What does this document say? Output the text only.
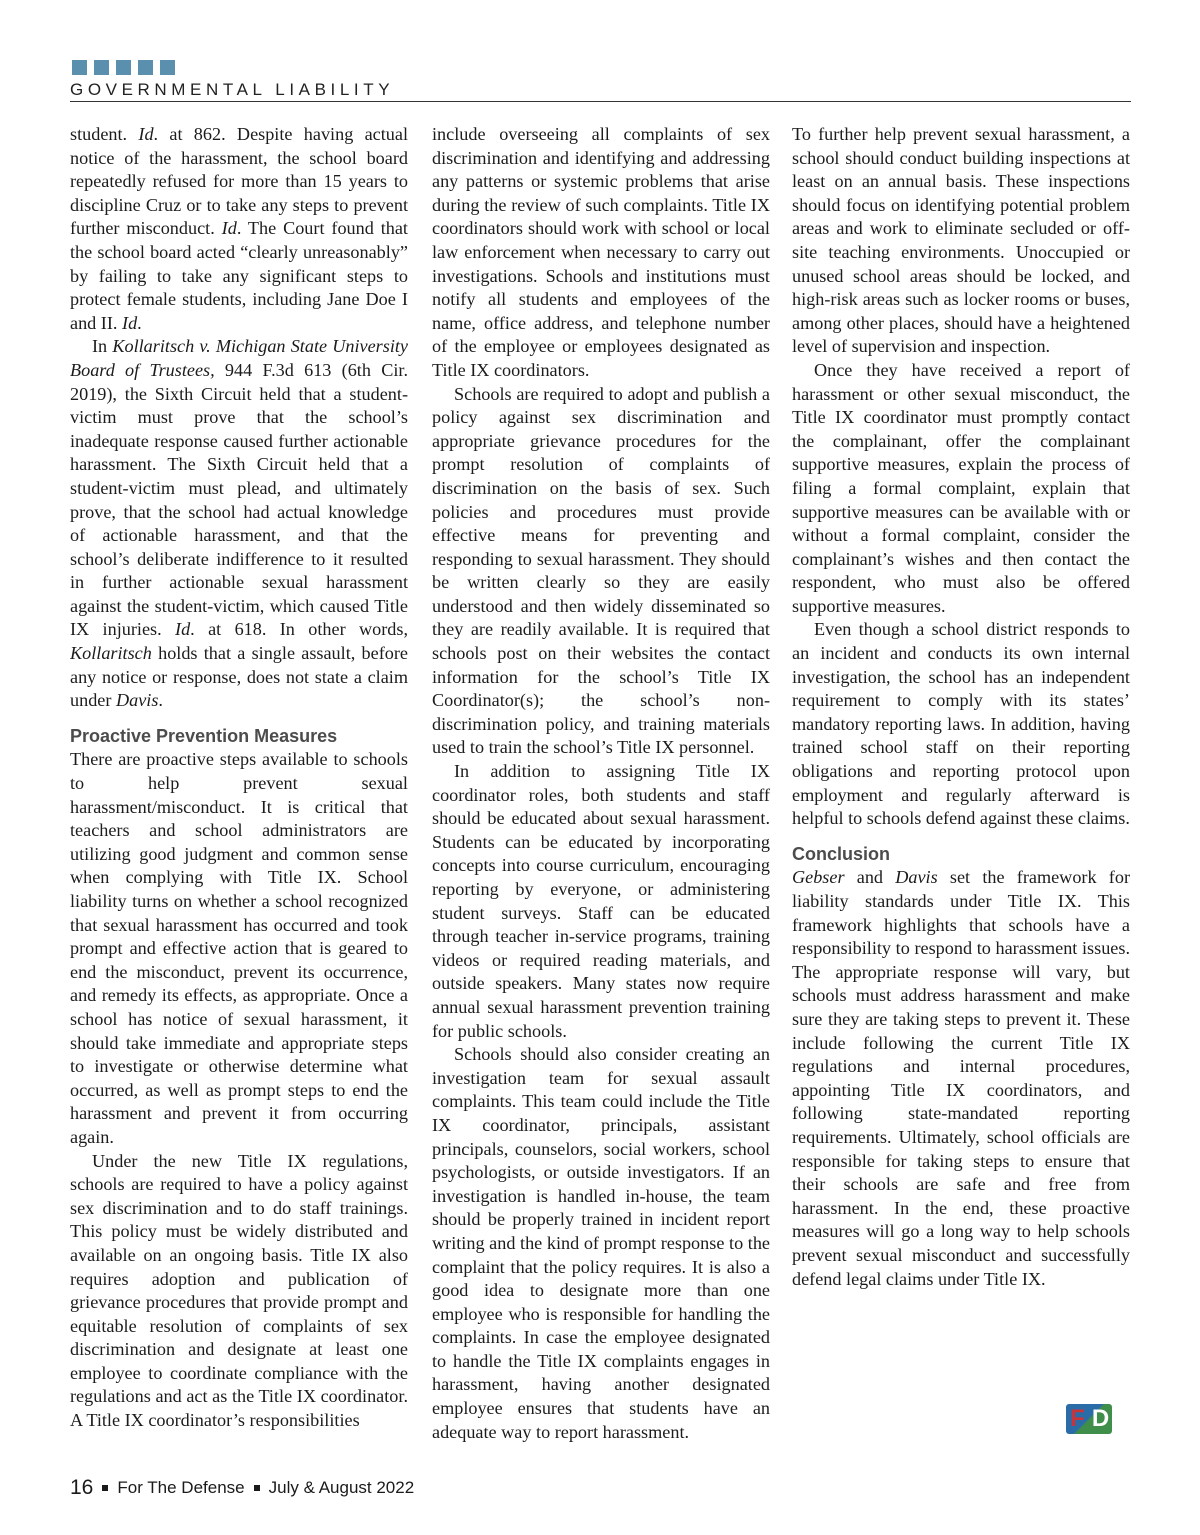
GOVERNMENTAL LIABILITY

student. Id. at 862. Despite having actual notice of the harassment, the school board repeatedly refused for more than 15 years to discipline Cruz or to take any steps to prevent further misconduct. Id. The Court found that the school board acted “clearly unreasonably” by failing to take any significant steps to protect female students, including Jane Doe I and II. Id.

In Kollaritsch v. Michigan State University Board of Trustees, 944 F.3d 613 (6th Cir. 2019), the Sixth Circuit held that a student-victim must prove that the school’s inadequate response caused further actionable harassment. The Sixth Circuit held that a student-victim must plead, and ultimately prove, that the school had actual knowledge of actionable harassment, and that the school’s deliberate indifference to it resulted in further actionable sexual harassment against the student-victim, which caused Title IX injuries. Id. at 618. In other words, Kollaritsch holds that a single assault, before any notice or response, does not state a claim under Davis.

Proactive Prevention Measures

There are proactive steps available to schools to help prevent sexual harassment/misconduct. It is critical that teachers and school administrators are utilizing good judgment and common sense when complying with Title IX. School liability turns on whether a school recognized that sexual harassment has occurred and took prompt and effective action that is geared to end the misconduct, prevent its occurrence, and remedy its effects, as appropriate. Once a school has notice of sexual harassment, it should take immediate and appropriate steps to investigate or otherwise determine what occurred, as well as prompt steps to end the harassment and prevent it from occurring again.

Under the new Title IX regulations, schools are required to have a policy against sex discrimination and to do staff trainings. This policy must be widely distributed and available on an ongoing basis. Title IX also requires adoption and publication of grievance procedures that provide prompt and equitable resolution of complaints of sex discrimination and designate at least one employee to coordinate compliance with the regulations and act as the Title IX coordinator. A Title IX coordinator’s responsibilities

include overseeing all complaints of sex discrimination and identifying and addressing any patterns or systemic problems that arise during the review of such complaints. Title IX coordinators should work with school or local law enforcement when necessary to carry out investigations. Schools and institutions must notify all students and employees of the name, office address, and telephone number of the employee or employees designated as Title IX coordinators.

Schools are required to adopt and publish a policy against sex discrimination and appropriate grievance procedures for the prompt resolution of complaints of discrimination on the basis of sex. Such policies and procedures must provide effective means for preventing and responding to sexual harassment. They should be written clearly so they are easily understood and then widely disseminated so they are readily available. It is required that schools post on their websites the contact information for the school’s Title IX Coordinator(s); the school’s non-discrimination policy, and training materials used to train the school’s Title IX personnel.

In addition to assigning Title IX coordinator roles, both students and staff should be educated about sexual harassment. Students can be educated by incorporating concepts into course curriculum, encouraging reporting by everyone, or administering student surveys. Staff can be educated through teacher in-service programs, training videos or required reading materials, and outside speakers. Many states now require annual sexual harassment prevention training for public schools.

Schools should also consider creating an investigation team for sexual assault complaints. This team could include the Title IX coordinator, principals, assistant principals, counselors, social workers, school psychologists, or outside investigators. If an investigation is handled in-house, the team should be properly trained in incident report writing and the kind of prompt response to the complaint that the policy requires. It is also a good idea to designate more than one employee who is responsible for handling the complaints. In case the employee designated to handle the Title IX complaints engages in harassment, having another designated employee ensures that students have an adequate way to report harassment.

To further help prevent sexual harassment, a school should conduct building inspections at least on an annual basis. These inspections should focus on identifying potential problem areas and work to eliminate secluded or off-site teaching environments. Unoccupied or unused school areas should be locked, and high-risk areas such as locker rooms or buses, among other places, should have a heightened level of supervision and inspection.

Once they have received a report of harassment or other sexual misconduct, the Title IX coordinator must promptly contact the complainant, offer the complainant supportive measures, explain the process of filing a formal complaint, explain that supportive measures can be available with or without a formal complaint, consider the complainant’s wishes and then contact the respondent, who must also be offered supportive measures.

Even though a school district responds to an incident and conducts its own internal investigation, the school has an independent requirement to comply with its states’ mandatory reporting laws. In addition, having trained school staff on their reporting obligations and reporting protocol upon employment and regularly afterward is helpful to schools defend against these claims.

Conclusion

Gebser and Davis set the framework for liability standards under Title IX. This framework highlights that schools have a responsibility to respond to harassment issues. The appropriate response will vary, but schools must address harassment and make sure they are taking steps to prevent it. These include following the current Title IX regulations and internal procedures, appointing Title IX coordinators, and following state-mandated reporting requirements. Ultimately, school officials are responsible for taking steps to ensure that their schools are safe and free from harassment. In the end, these proactive measures will go a long way to help schools prevent sexual misconduct and successfully defend legal claims under Title IX.

F D
16 For The Defense July & August 2022
